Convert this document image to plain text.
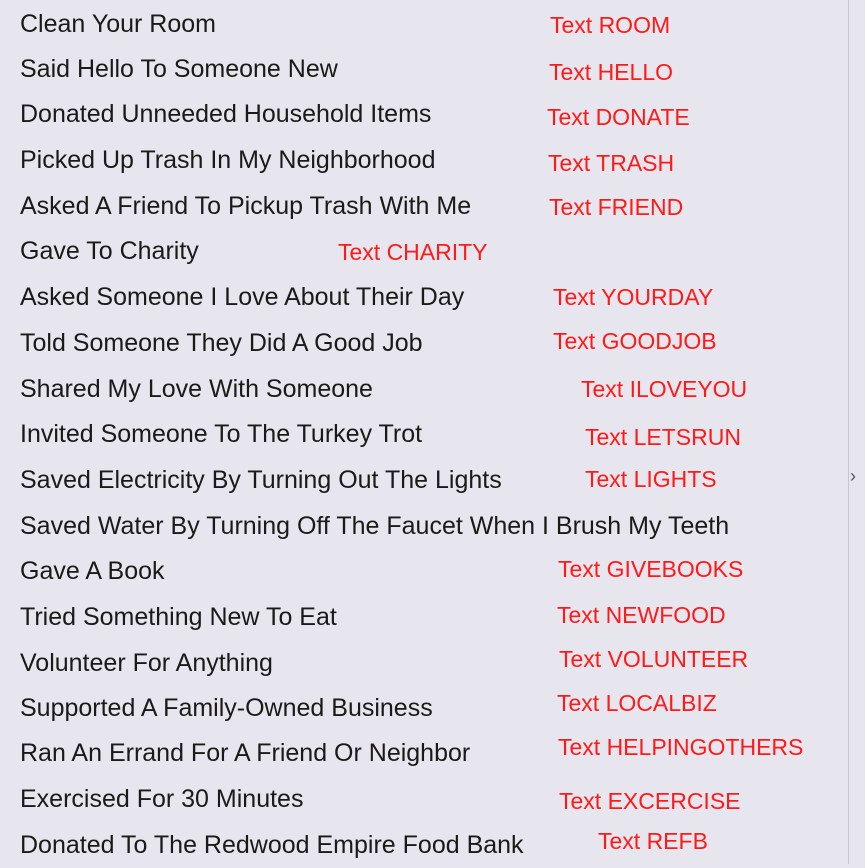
Clean Your Room	Text ROOM
Said Hello To Someone New	Text HELLO
Donated Unneeded Household Items	Text DONATE
Picked Up Trash In My Neighborhood	Text TRASH
Asked A Friend To Pickup Trash With Me	Text FRIEND
Gave To Charity	Text CHARITY
Asked Someone I Love About Their Day	Text YOURDAY
Told Someone They Did A Good Job	Text GOODJOB
Shared My Love With Someone	Text ILOVEYOU
Invited Someone To The Turkey Trot	Text LETSRUN
Saved Electricity By Turning Out The Lights	Text LIGHTS
Saved Water By Turning Off The Faucet When I Brush My Teeth
Gave A Book	Text GIVEBOOKS
Tried Something New To Eat	Text NEWFOOD
Volunteer For Anything	Text VOLUNTEER
Supported A Family-Owned Business	Text LOCALBIZ
Ran An Errand For A Friend Or Neighbor	Text HELPINGOTHERS
Exercised For 30 Minutes	Text EXCERCISE
Donated To The Redwood Empire Food Bank	Text REFB
›
